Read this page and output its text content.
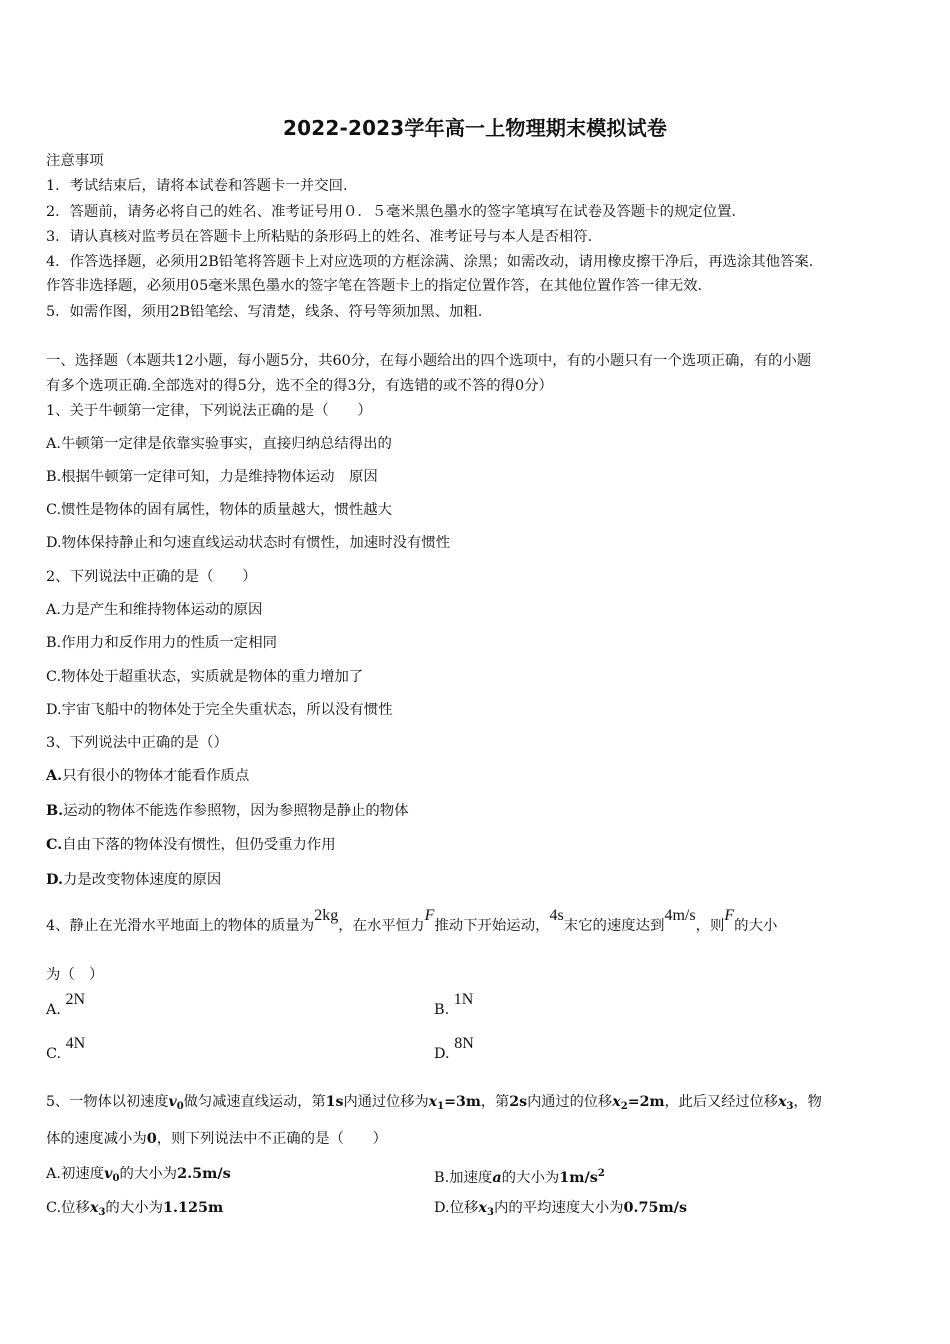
2022-2023学年高一上物理期末模拟试卷
注意事项
1．考试结束后，请将本试卷和答题卡一并交回．
2．答题前，请务必将自己的姓名、准考证号用０．５毫米黑色墨水的签字笔填写在试卷及答题卡的规定位置．
3．请认真核对监考员在答题卡上所粘贴的条形码上的姓名、准考证号与本人是否相符．
4．作答选择题，必须用2B铅笔将答题卡上对应选项的方框涂满、涂黑；如需改动，请用橡皮擦干净后，再选涂其他答案．
作答非选择题，必须用05毫米黑色墨水的签字笔在答题卡上的指定位置作答，在其他位置作答一律无效．
5．如需作图，须用2B铅笔绘、写清楚，线条、符号等须加黑、加粗．
一、选择题（本题共12小题，每小题5分，共60分，在每小题给出的四个选项中，有的小题只有一个选项正确，有的小题
有多个选项正确.全部选对的得5分，选不全的得3分，有选错的或不答的得0分）
1、关于牛顿第一定律，下列说法正确的是（　　）
A.牛顿第一定律是依靠实验事实，直接归纳总结得出的
B.根据牛顿第一定律可知，力是维持物体运动　原因
C.惯性是物体的固有属性，物体的质量越大，惯性越大
D.物体保持静止和匀速直线运动状态时有惯性，加速时没有惯性
2、下列说法中正确的是（　　）
A.力是产生和维持物体运动的原因
B.作用力和反作用力的性质一定相同
C.物体处于超重状态，实质就是物体的重力增加了
D.宇宙飞船中的物体处于完全失重状态，所以没有惯性
3、下列说法中正确的是（）
A.只有很小的物体才能看作质点
B.运动的物体不能选作参照物，因为参照物是静止的物体
C.自由下落的物体没有惯性，但仍受重力作用
D.力是改变物体速度的原因
4、静止在光滑水平地面上的物体的质量为2kg，在水平恒力F推动下开始运动，4s末它的速度达到4m/s，则F的大小
为（　）
A. 2N
B. 1N
C. 4N
D. 8N
5、一物体以初速度$v_0$做匀减速直线运动，第1s内通过位移为$x_1=3m$，第2s内通过的位移$x_2=2m$，此后又经过位移$x_3$，物
体的速度减小为0，则下列说法中不正确的是（　　）
A.初速度$v_0$的大小为2.5m/s	B.加速度a的大小为$1m/s^2$
C.位移$x_3$的大小为1.125m	D.位移$x_3$内的平均速度大小为0.75m/s
